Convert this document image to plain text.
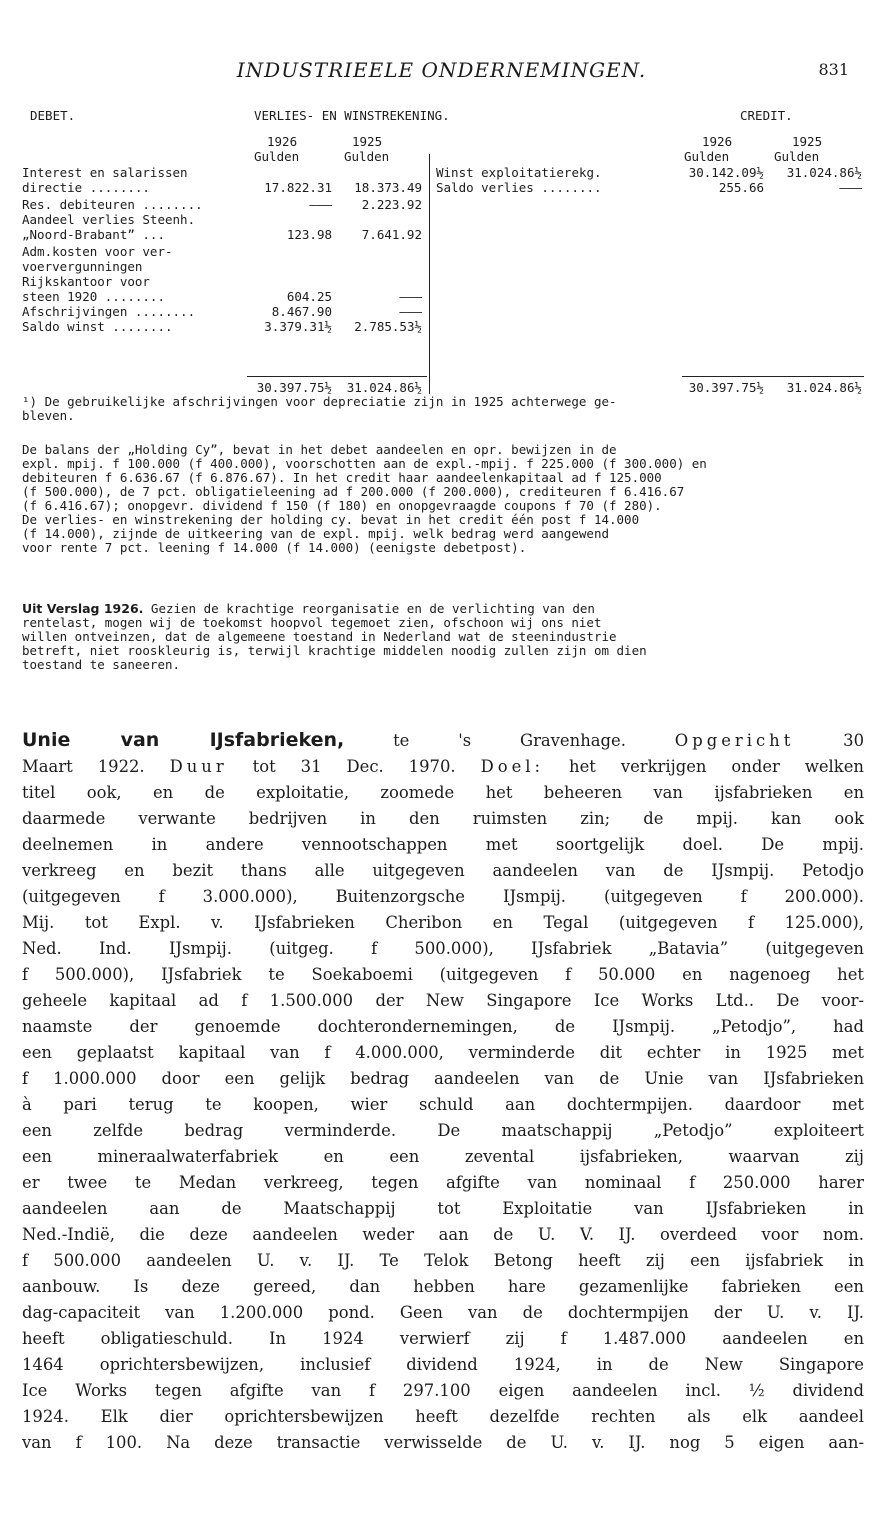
INDUSTRIEELE ONDERNEMINGEN.	831
DEBET.	VERLIES- EN WINSTREKENING.	CREDIT.
1926	1925
Gulden	Gulden
1926	1925
Gulden	Gulden
Interest en salarissen
directie ........	17.822.31	18.373.49
Res. debiteuren ........	———	2.223.92
Aandeel verlies Steenh.
„Noord-Brabant” ...	123.98	7.641.92
Adm.kosten voor ver-
voervergunningen
Rijkskantoor voor
steen 1920 ........	604.25	———
Afschrijvingen ........	8.467.90	———
Saldo winst ........	3.379.31½	2.785.53½
Winst exploitatierekg.	30.142.09½	31.024.86½
Saldo verlies ........	255.66	———
30.397.75½	31.024.86½	30.397.75½	31.024.86½
¹) De gebruikelijke afschrijvingen voor depreciatie zijn in 1925 achterwege ge-
bleven.
De balans der „Holding Cy”, bevat in het debet aandeelen en opr. bewijzen in de
expl. mpij. f 100.000 (f 400.000), voorschotten aan de expl.-mpij. f 225.000 (f 300.000) en
debiteuren f 6.636.67 (f 6.876.67). In het credit haar aandeelenkapitaal ad f 125.000
(f 500.000), de 7 pct. obligatieleening ad f 200.000 (f 200.000), crediteuren f 6.416.67
(f 6.416.67); onopgevr. dividend f 150 (f 180) en onopgevraagde coupons f 70 (f 280).
De verlies- en winstrekening der holding cy. bevat in het credit één post f 14.000
(f 14.000), zijnde de uitkeering van de expl. mpij. welk bedrag werd aangewend
voor rente 7 pct. leening f 14.000 (f 14.000) (eenigste debetpost).
Uit Verslag 1926. Gezien de krachtige reorganisatie en de verlichting van den
rentelast, mogen wij de toekomst hoopvol tegemoet zien, ofschoon wij ons niet
willen ontveinzen, dat de algemeene toestand in Nederland wat de steenindustrie
betreft, niet rooskleurig is, terwijl krachtige middelen noodig zullen zijn om dien
toestand te saneeren.
Unie van IJsfabrieken, te 's Gravenhage.	Opgericht 30
Maart 1922. Duur tot 31 Dec. 1970. Doel: het verkrijgen onder welken
titel ook, en de exploitatie, zoomede het beheeren van ijsfabrieken en
daarmede verwante bedrijven in den ruimsten zin; de mpij. kan ook
deelnemen in andere vennootschappen met soortgelijk doel. De mpij.
verkreeg en bezit thans alle uitgegeven aandeelen van de IJsmpij. Petodjo
(uitgegeven f 3.000.000), Buitenzorgsche IJsmpij. (uitgegeven f 200.000).
Mij. tot Expl. v. IJsfabrieken Cheribon en Tegal (uitgegeven f 125.000),
Ned. Ind. IJsmpij. (uitgeg. f 500.000), IJsfabriek „Batavia” (uitgegeven
f 500.000), IJsfabriek te Soekaboemi (uitgegeven f 50.000 en nagenoeg het
geheele kapitaal ad f 1.500.000 der New Singapore Ice Works Ltd.. De voor-
naamste der genoemde dochterondernemingen, de IJsmpij. „Petodjo”, had
een geplaatst kapitaal van f 4.000.000, verminderde dit echter in 1925 met
f 1.000.000 door een gelijk bedrag aandeelen van de Unie van IJsfabrieken
à pari terug te koopen, wier schuld aan dochtermpijen. daardoor met
een zelfde bedrag verminderde. De maatschappij „Petodjo” exploiteert
een mineraalwaterfabriek en een zevental ijsfabrieken, waarvan zij
er twee te Medan verkreeg, tegen afgifte van nominaal f 250.000 harer
aandeelen aan de Maatschappij tot Exploitatie van IJsfabrieken in
Ned.-Indië, die deze aandeelen weder aan de U. V. IJ. overdeed voor nom.
f 500.000 aandeelen U. v. IJ. Te Telok Betong heeft zij een ijsfabriek in
aanbouw. Is deze gereed, dan hebben hare gezamenlijke fabrieken een
dag-capaciteit van 1.200.000 pond. Geen van de dochtermpijen der U. v. IJ.
heeft obligatieschuld. In 1924 verwierf zij f 1.487.000 aandeelen en
1464 oprichtersbewijzen, inclusief dividend 1924, in de New Singapore
Ice Works tegen afgifte van f 297.100 eigen aandeelen incl. ½ dividend
1924. Elk dier oprichtersbewijzen heeft dezelfde rechten als elk aandeel
van f 100. Na deze transactie verwisselde de U. v. IJ. nog 5 eigen aan-
